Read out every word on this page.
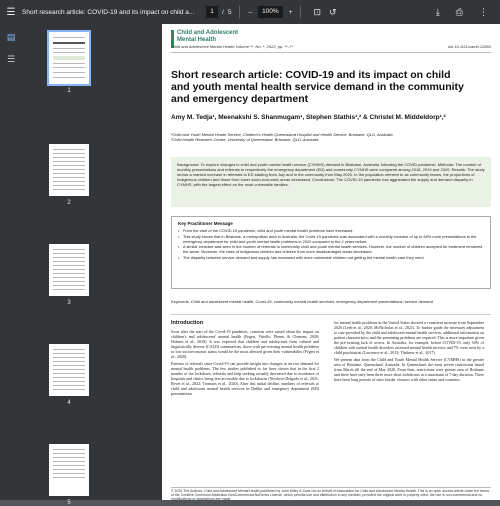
☰	Short research article: COVID-19 and its impact on child a...	1	/ 5	–	100%	+ ⊡ ↺	⤓ ⎙ ⋮
▤
☰
1
2
3
4
5
Child and Adolescent
Mental Health
Child and Adolescent Mental Health Volume **, No. *, 2022, pp. **–**	doi:10.1111/camh.12550
Short research article: COVID-19 and its impact on child and youth mental health service demand in the community and emergency department
Amy M. Tedja¹, Meenakshi S. Shanmugam¹, Stephen Stathis¹,² & Christel M. Middeldorp¹,²
¹Child and Youth Mental Health Service, Children's Health Queensland Hospital and Health Service, Brisbane, QLD, Australia
²Child Health Research Centre, University of Queensland, Brisbane, QLD, Australia
Background: To explore changes in child and youth mental health service (CYMHS) demand in Brisbane, Australia, following the COVID pandemic. Methods: The number of monthly presentations and referrals to respectively the emergency department (ED) and community CYMHS were compared among 2018, 2019 and 2020. Results: The study shows a marked increase in referrals to ED starting from July and in the community from May 2020. In the population referred to as community teams, the proportions of Indigenous children and those from lower socio-economic areas decreased. Conclusions: The COVID-19 pandemic has aggravated the supply and demand disparity in CYMHS, with the largest effect on the most vulnerable families.
Key Practitioner Message
• From the start of the COVID-19 pandemic, child and youth mental health problems have increased.
• This study shows that in Brisbane, a metropolitan area in Australia, the Covid-19 pandemic was associated with a monthly increase of up to 55% more presentations to the emergency department for child and youth mental health problems in 2020 compared to the 2 years before.
• A similar increase was seen in the number of referrals to community child and youth mental health services. However, the number of children accepted for treatment remained the same. Moreover, the rates of Indigenous children and children from more disadvantaged areas decreased.
• The disparity between service demand and supply has increased with more vulnerable children not getting the mental health care they need.
Keywords: Child and adolescent mental health; Covid-19; community mental health services; emergency department presentations; service demand
Introduction
Soon after the start of the Covid-19 pandemic, concerns were raised about the impact on children's and adolescents' mental health (Fegert, Vitiello, Plener, & Clemens, 2020; Holmes et al., 2020). It was expected that children and adolescents from cultural and linguistically diverse (CALD) communities, those with pre-existing mental health problems or low socioeconomic status would be the most affected given their vulnerability (Fegert et al., 2020).
Patterns of referrals since Covid-19 can provide insight into changes in service demand for mental health problems. The few studies published so far have shown that in the first 2 months of the lockdown, referrals and help seeking actually decreased due to avoidance of hospitals and clinics being less accessible due to lockdowns (Newlove-Delgado et al., 2021; Revet et al., 2022; Tromans et al., 2020). After this initial decline, numbers of referrals to child and adolescent mental health services in Dublin and emergency department (ED) presentations
for mental health problems in the United States showed a consistent increase from September 2020 (Leeb et al., 2020; McNicholas et al., 2021). To further guide the necessary adjustment to care provided by the child and adolescent mental health services, additional information on patient characteristics and the presenting problems are required. This is more important given the pre-existing lack of access. In Australia, for example, before COVID-19, only 50% of children with mental health disorders accessed mental health services and 7% were seen by a child psychiatrist (Lawrence et al., 2015; Thabrew et al., 2017).
We present data from the Child and Youth Mental Health Service (CYMHS) in the greater area of Brisbane, Queensland, Australia. In Queensland, the most severe restrictions lasted from March till the end of May 2020. From then, restrictions were greater area of Brisbane and there have only been three more short lockdowns at a maximum of 7-day duration. There have been long periods of strict border closures with other states and countries.
© 2022 The Authors. Child and Adolescent Mental Health published by John Wiley & Sons Ltd on behalf of Association for Child and Adolescent Mental Health. This is an open access article under the terms of the Creative Commons Attribution-NonCommercial-NoDerivs License, which permits use and distribution in any medium, provided the original work is properly cited, the use is non-commercial and no modifications or adaptations are made.
